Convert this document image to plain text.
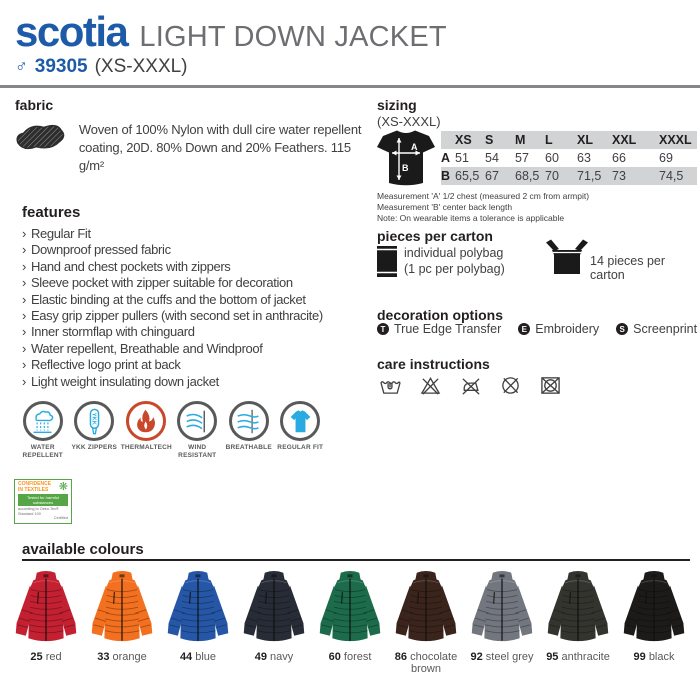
scotia LIGHT DOWN JACKET
♂ 39305 (XS-XXXL)
fabric
Woven of 100% Nylon with dull cire water repellent coating, 20D. 80% Down and 20% Feathers. 115 g/m²
features
› Regular Fit
› Downproof pressed fabric
› Hand and chest pockets with zippers
› Sleeve pocket with zipper suitable for decoration
› Elastic binding at the cuffs and the bottom of jacket
› Easy grip zipper pullers (with second set in anthracite)
› Inner stormflap with chinguard
› Water repellent, Breathable and Windproof
› Reflective logo print at back
› Light weight insulating down jacket
WATER REPELLENT
YKK
YKK ZIPPERS THERMALTECH	WIND RESISTANT
BREATHABLE REGULAR FIT
CONFIDENCE
IN TEXTILES ❋
Tested for harmful substances
according to Oeko-Tex® Standard 100
Certified
sizing
(XS-XXXL)
A
B
	XS	S	M	L	XL	XXL	XXXL
A	51	54	57	60	63	66	69
B	65,5	67	68,5	70	71,5	73	74,5
Measurement 'A' 1/2 chest (measured 2 cm from armpit)
Measurement 'B' center back length
Note: On wearable items a tolerance is applicable
pieces per carton
individual polybag
(1 pc per polybag)
14 pieces per carton
decoration options
T True Edge Transfer	E Embroidery	S Screenprint
care instructions
available colours
25 red	33 orange	44 blue	49 navy	60 forest	86 chocolate brown
92 steel grey 95 anthracite 99 black
